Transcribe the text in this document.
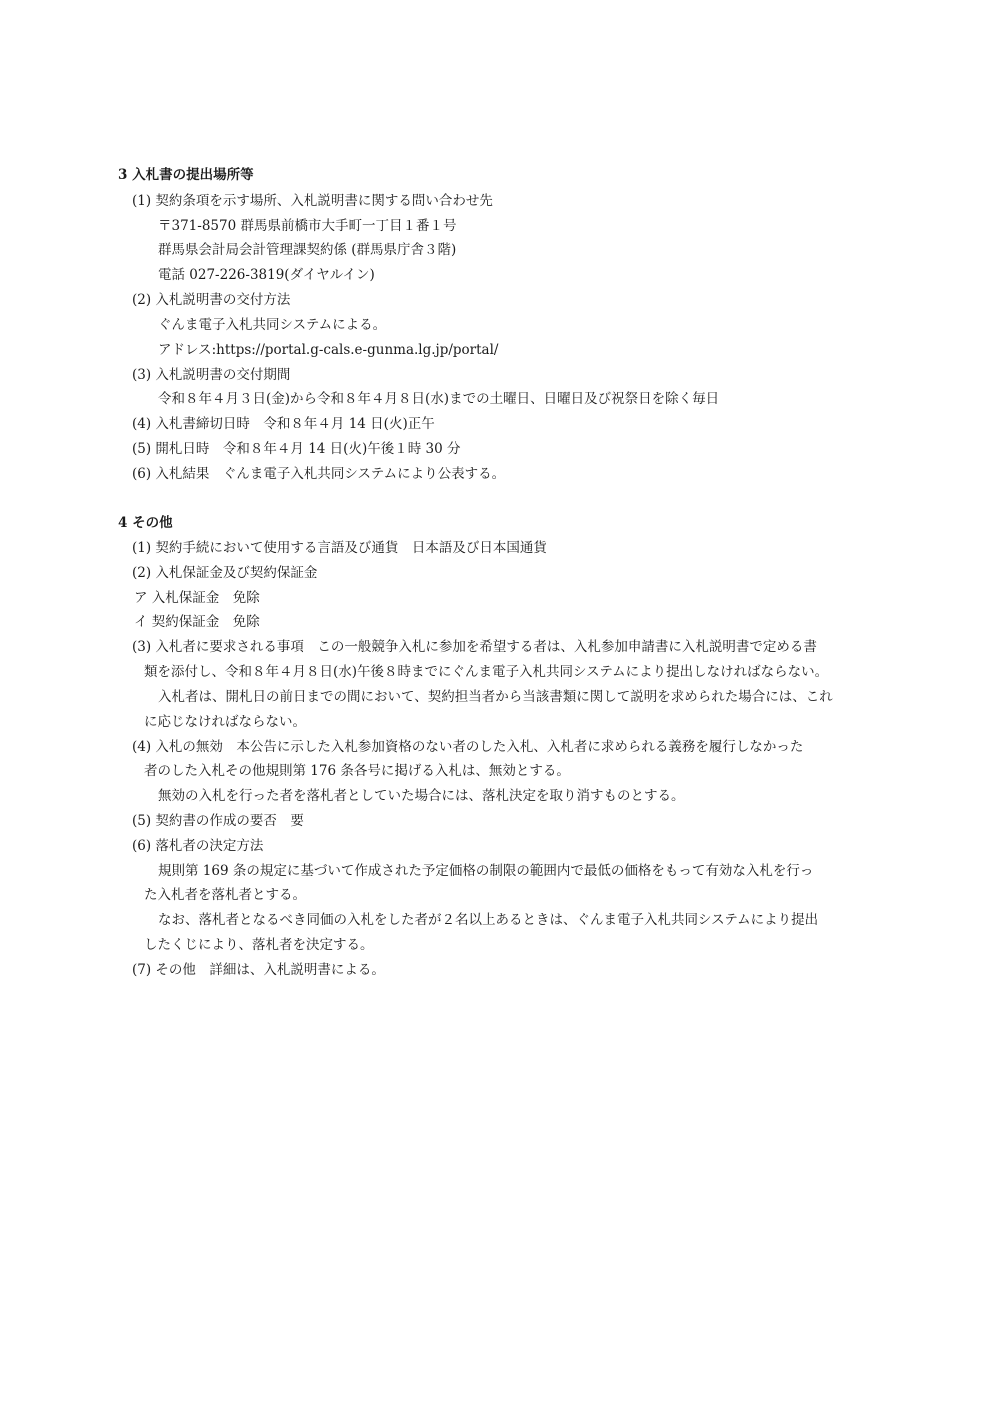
3 入札書の提出場所等
(1) 契約条項を示す場所、入札説明書に関する問い合わせ先
〒371-8570 群馬県前橋市大手町一丁目１番１号
群馬県会計局会計管理課契約係 (群馬県庁舎３階)
電話 027-226-3819(ダイヤルイン)
(2) 入札説明書の交付方法
ぐんま電子入札共同システムによる。
アドレス:https://portal.g-cals.e-gunma.lg.jp/portal/
(3) 入札説明書の交付期間
令和８年４月３日(金)から令和８年４月８日(水)までの土曜日、日曜日及び祝祭日を除く毎日
(4) 入札書締切日時　令和８年４月 14 日(火)正午
(5) 開札日時　令和８年４月 14 日(火)午後１時 30 分
(6) 入札結果　ぐんま電子入札共同システムにより公表する。
4 その他
(1) 契約手続において使用する言語及び通貨　日本語及び日本国通貨
(2) 入札保証金及び契約保証金
ア 入札保証金　免除
イ 契約保証金　免除
(3) 入札者に要求される事項　この一般競争入札に参加を希望する者は、入札参加申請書に入札説明書で定める書
類を添付し、令和８年４月８日(水)午後８時までにぐんま電子入札共同システムにより提出しなければならない。
入札者は、開札日の前日までの間において、契約担当者から当該書類に関して説明を求められた場合には、これ
に応じなければならない。
(4) 入札の無効　本公告に示した入札参加資格のない者のした入札、入札者に求められる義務を履行しなかった
者のした入札その他規則第 176 条各号に掲げる入札は、無効とする。
無効の入札を行った者を落札者としていた場合には、落札決定を取り消すものとする。
(5) 契約書の作成の要否　要
(6) 落札者の決定方法
規則第 169 条の規定に基づいて作成された予定価格の制限の範囲内で最低の価格をもって有効な入札を行っ
た入札者を落札者とする。
なお、落札者となるべき同価の入札をした者が２名以上あるときは、ぐんま電子入札共同システムにより提出
したくじにより、落札者を決定する。
(7) その他　詳細は、入札説明書による。
